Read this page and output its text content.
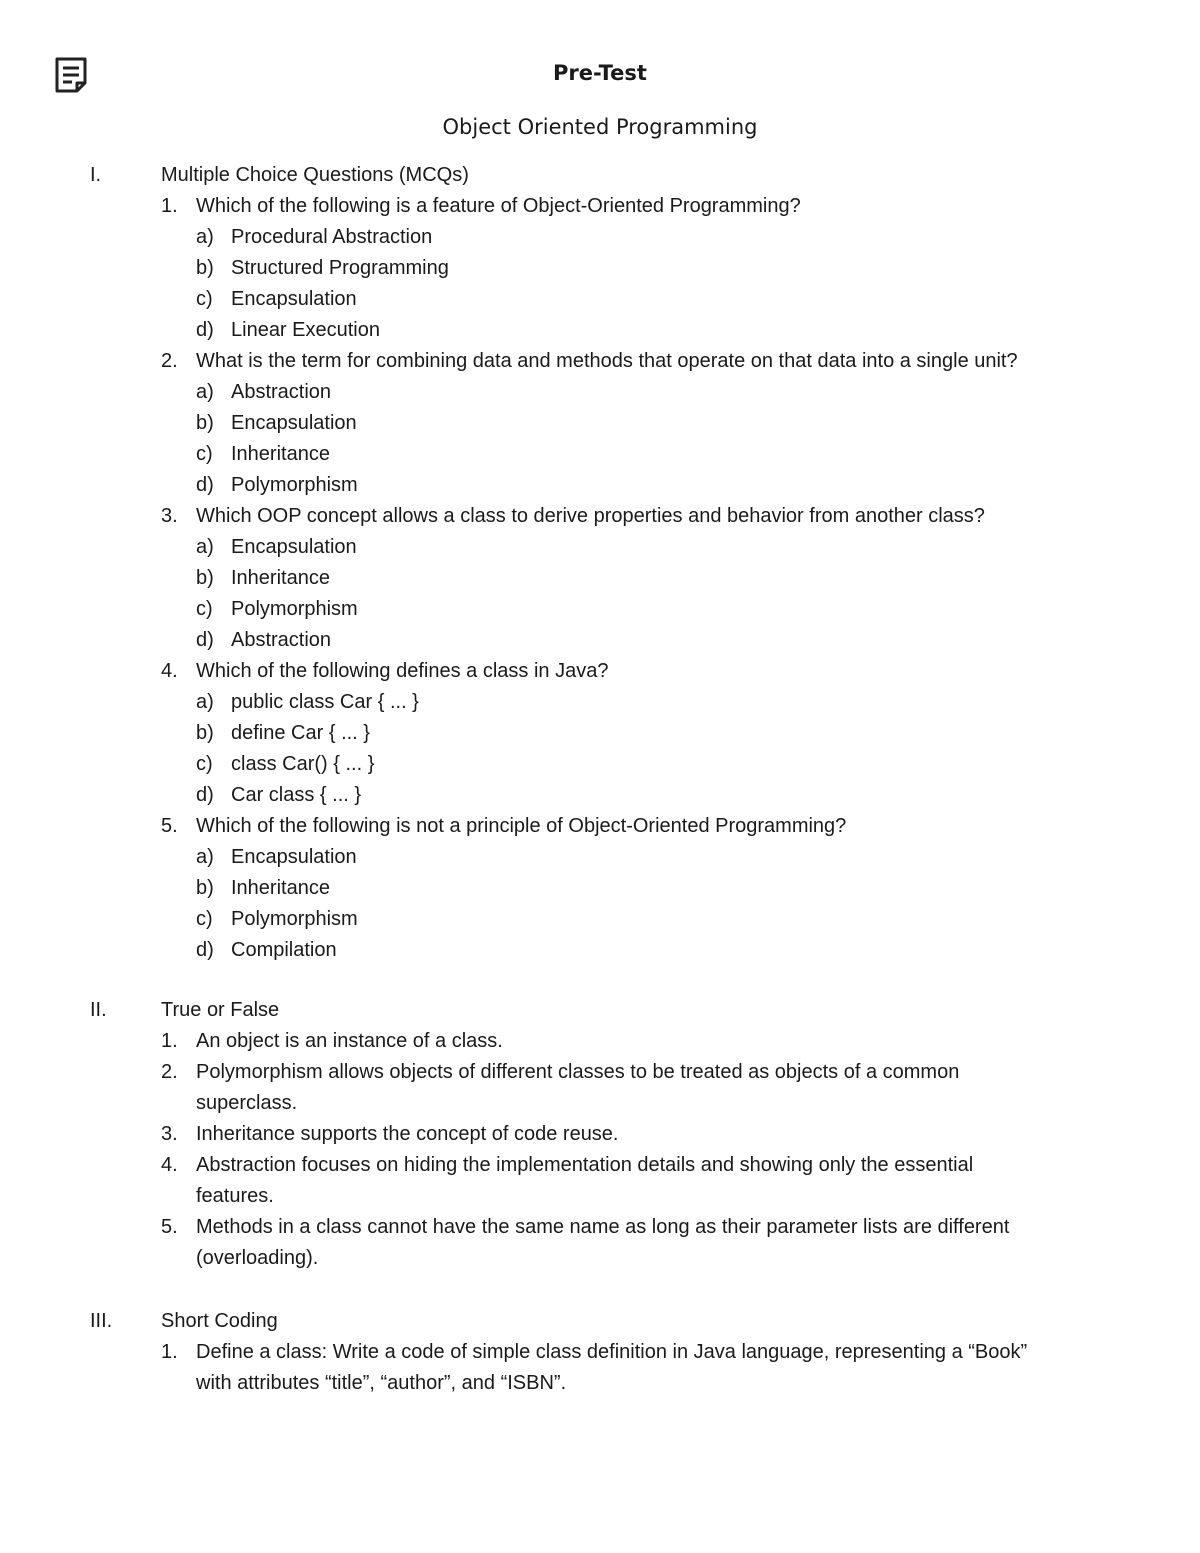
Pre-Test
Object Oriented Programming
I.	Multiple Choice Questions (MCQs)
1. Which of the following is a feature of Object-Oriented Programming?
a) Procedural Abstraction
b) Structured Programming
c) Encapsulation
d) Linear Execution
2. What is the term for combining data and methods that operate on that data into a single unit?
a) Abstraction
b) Encapsulation
c) Inheritance
d) Polymorphism
3. Which OOP concept allows a class to derive properties and behavior from another class?
a) Encapsulation
b) Inheritance
c) Polymorphism
d) Abstraction
4. Which of the following defines a class in Java?
a) public class Car { ... }
b) define Car { ... }
c) class Car() { ... }
d) Car class { ... }
5. Which of the following is not a principle of Object-Oriented Programming?
a) Encapsulation
b) Inheritance
c) Polymorphism
d) Compilation
II.	True or False
1. An object is an instance of a class.
2. Polymorphism allows objects of different classes to be treated as objects of a common
superclass.
3. Inheritance supports the concept of code reuse.
4. Abstraction focuses on hiding the implementation details and showing only the essential
features.
5. Methods in a class cannot have the same name as long as their parameter lists are different
(overloading).
III. Short Coding
1. Define a class: Write a code of simple class definition in Java language, representing a “Book”
with attributes “title”, “author”, and “ISBN”.
